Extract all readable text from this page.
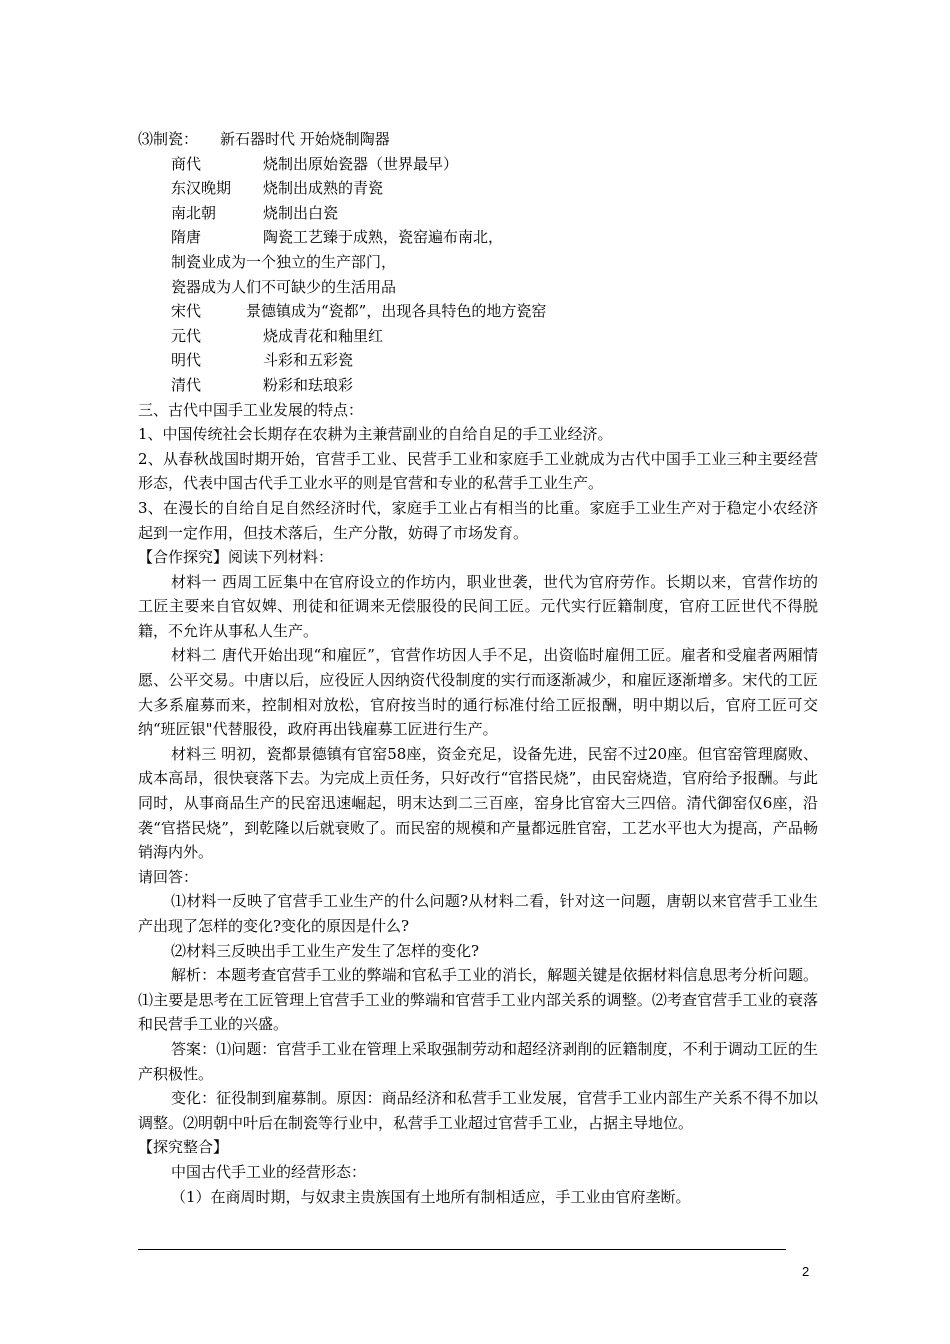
⑶制瓷： 新石器时代 开始烧制陶器
商代	烧制出原始瓷器（世界最早）
东汉晚期 烧制出成熟的青瓷
南北朝	烧制出白瓷
隋唐	陶瓷工艺臻于成熟，瓷窑遍布南北，
制瓷业成为一个独立的生产部门，
瓷器成为人们不可缺少的生活用品
宋代	景德镇成为“瓷都”，出现各具特色的地方瓷窑
元代	烧成青花和釉里红
明代	斗彩和五彩瓷
清代	粉彩和珐琅彩
三、古代中国手工业发展的特点：
1、中国传统社会长期存在农耕为主兼营副业的自给自足的手工业经济。
2、从春秋战国时期开始，官营手工业、民营手工业和家庭手工业就成为古代中国手工业三种主要经营形态，代表中国古代手工业水平的则是官营和专业的私营手工业生产。
3、在漫长的自给自足自然经济时代，家庭手工业占有相当的比重。家庭手工业生产对于稳定小农经济起到一定作用，但技术落后，生产分散，妨碍了市场发育。
【合作探究】阅读下列材料：
材料一 西周工匠集中在官府设立的作坊内，职业世袭，世代为官府劳作。长期以来，官营作坊的工匠主要来自官奴婢、刑徒和征调来无偿服役的民间工匠。元代实行匠籍制度，官府工匠世代不得脱籍，不允许从事私人生产。
材料二 唐代开始出现“和雇匠”，官营作坊因人手不足，出资临时雇佣工匠。雇者和受雇者两厢情愿、公平交易。中唐以后，应役匠人因纳资代役制度的实行而逐渐减少，和雇匠逐渐增多。宋代的工匠大多系雇募而来，控制相对放松，官府按当时的通行标准付给工匠报酬，明中期以后，官府工匠可交纳“班匠银"代替服役，政府再出钱雇募工匠进行生产。
材料三 明初，瓷都景德镇有官窑58座，资金充足，设备先进，民窑不过20座。但官窑管理腐败、成本高昂，很快衰落下去。为完成上贡任务，只好改行“官搭民烧”，由民窑烧造，官府给予报酬。与此同时，从事商品生产的民窑迅速崛起，明末达到二三百座，窑身比官窑大三四倍。清代御窑仅6座，沿袭“官搭民烧”，到乾隆以后就衰败了。而民窑的规模和产量都远胜官窑，工艺水平也大为提高，产品畅销海内外。
请回答：
⑴材料一反映了官营手工业生产的什么问题?从材料二看，针对这一问题，唐朝以来官营手工业生产出现了怎样的变化?变化的原因是什么?
⑵材料三反映出手工业生产发生了怎样的变化?
解析：本题考查官营手工业的弊端和官私手工业的消长，解题关键是依据材料信息思考分析问题。⑴主要是思考在工匠管理上官营手工业的弊端和官营手工业内部关系的调整。⑵考查官营手工业的衰落和民营手工业的兴盛。
答案：⑴问题：官营手工业在管理上采取强制劳动和超经济剥削的匠籍制度，不利于调动工匠的生产积极性。
变化：征役制到雇募制。原因：商品经济和私营手工业发展，官营手工业内部生产关系不得不加以调整。⑵明朝中叶后在制瓷等行业中，私营手工业超过官营手工业，占据主导地位。
【探究整合】
中国古代手工业的经营形态：
（1）在商周时期，与奴隶主贵族国有土地所有制相适应，手工业由官府垄断。
2
